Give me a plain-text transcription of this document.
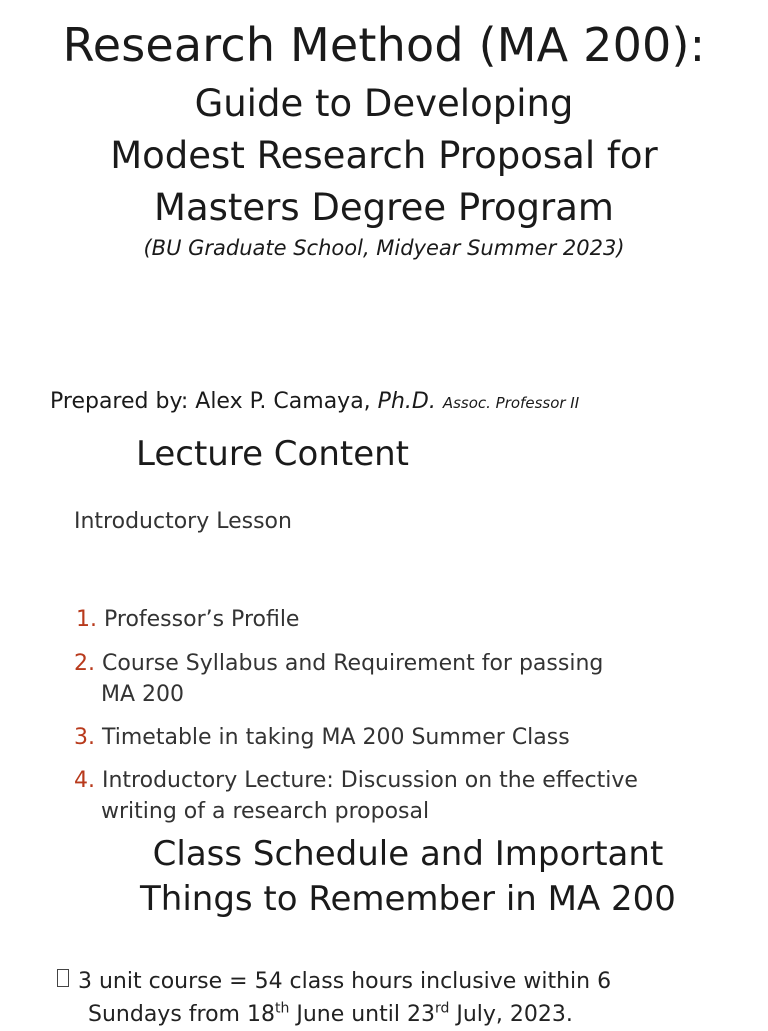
Research Method (MA 200):
Guide to Developing
Modest Research Proposal for
Masters Degree Program
(BU Graduate School, Midyear Summer 2023)
Prepared by: Alex P. Camaya, Ph.D. Assoc. Professor II
Lecture Content
Introductory Lesson
1. Professor’s Profile
2. Course Syllabus and Requirement for passing
MA 200
3. Timetable in taking MA 200 Summer Class
4. Introductory Lecture: Discussion on the effective
writing of a research proposal
Class Schedule and Important
Things to Remember in MA 200
3 unit course = 54 class hours inclusive within 6
Sundays from 18th June until 23rd July, 2023.
